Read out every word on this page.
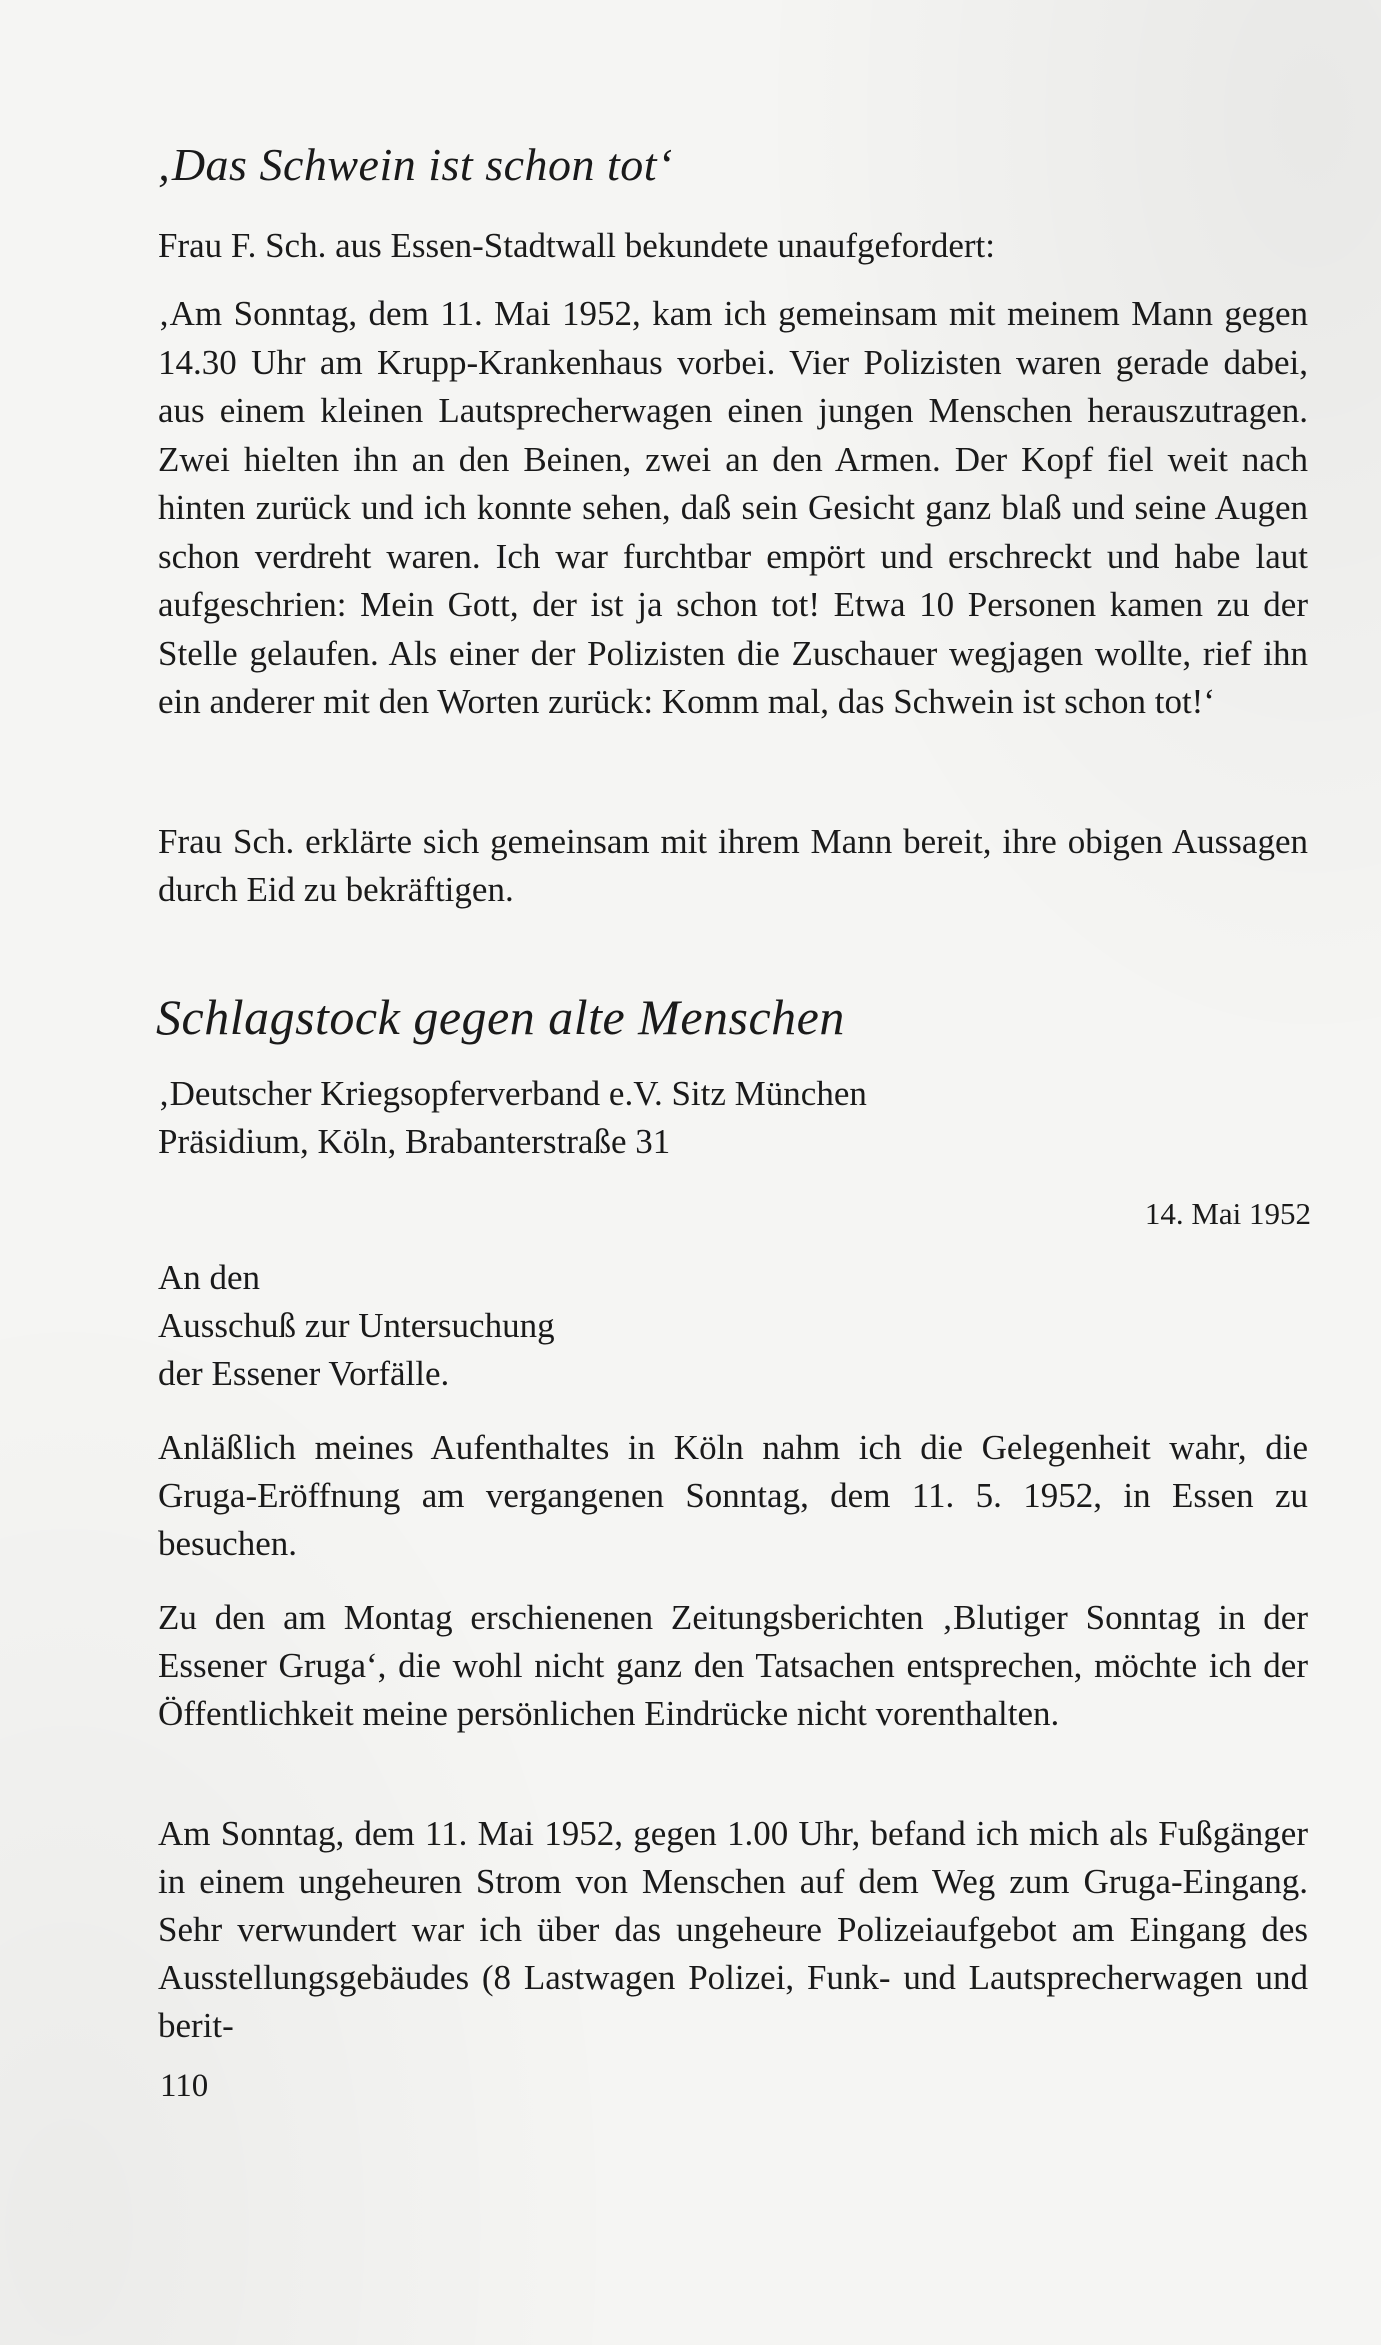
‚Das Schwein ist schon tot‘

Frau F. Sch. aus Essen-Stadtwall bekundete unaufgefordert:

‚Am Sonntag, dem 11. Mai 1952, kam ich gemeinsam mit meinem Mann gegen 14.30 Uhr am Krupp-Krankenhaus vorbei. Vier Polizisten waren gerade dabei, aus einem kleinen Lautsprecherwagen einen jungen Menschen herauszutragen. Zwei hielten ihn an den Beinen, zwei an den Armen. Der Kopf fiel weit nach hinten zurück und ich konnte sehen, daß sein Gesicht ganz blaß und seine Augen schon verdreht waren. Ich war furchtbar empört und erschreckt und habe laut aufgeschrien: Mein Gott, der ist ja schon tot! Etwa 10 Personen kamen zu der Stelle gelaufen. Als einer der Polizisten die Zuschauer wegjagen wollte, rief ihn ein anderer mit den Worten zurück: Komm mal, das Schwein ist schon tot!‘

Frau Sch. erklärte sich gemeinsam mit ihrem Mann bereit, ihre obigen Aussagen durch Eid zu bekräftigen.

Schlagstock gegen alte Menschen

‚Deutscher Kriegsopferverband e.V. Sitz München

Präsidium, Köln, Brabanterstraße 31

14. Mai 1952

An den

Ausschuß zur Untersuchung

der Essener Vorfälle.

Anläßlich meines Aufenthaltes in Köln nahm ich die Gelegenheit wahr, die Gruga-Eröffnung am vergangenen Sonntag, dem 11. 5. 1952, in Essen zu besuchen.

Zu den am Montag erschienenen Zeitungsberichten ‚Blutiger Sonntag in der Essener Gruga‘, die wohl nicht ganz den Tatsachen entsprechen, möchte ich der Öffentlichkeit meine persönlichen Eindrücke nicht vorenthalten.

Am Sonntag, dem 11. Mai 1952, gegen 1.00 Uhr, befand ich mich als Fußgänger in einem ungeheuren Strom von Menschen auf dem Weg zum Gruga-Eingang. Sehr verwundert war ich über das ungeheure Polizeiaufgebot am Eingang des Ausstellungsgebäudes (8 Lastwagen Polizei, Funk- und Lautsprecherwagen und berit-

110
